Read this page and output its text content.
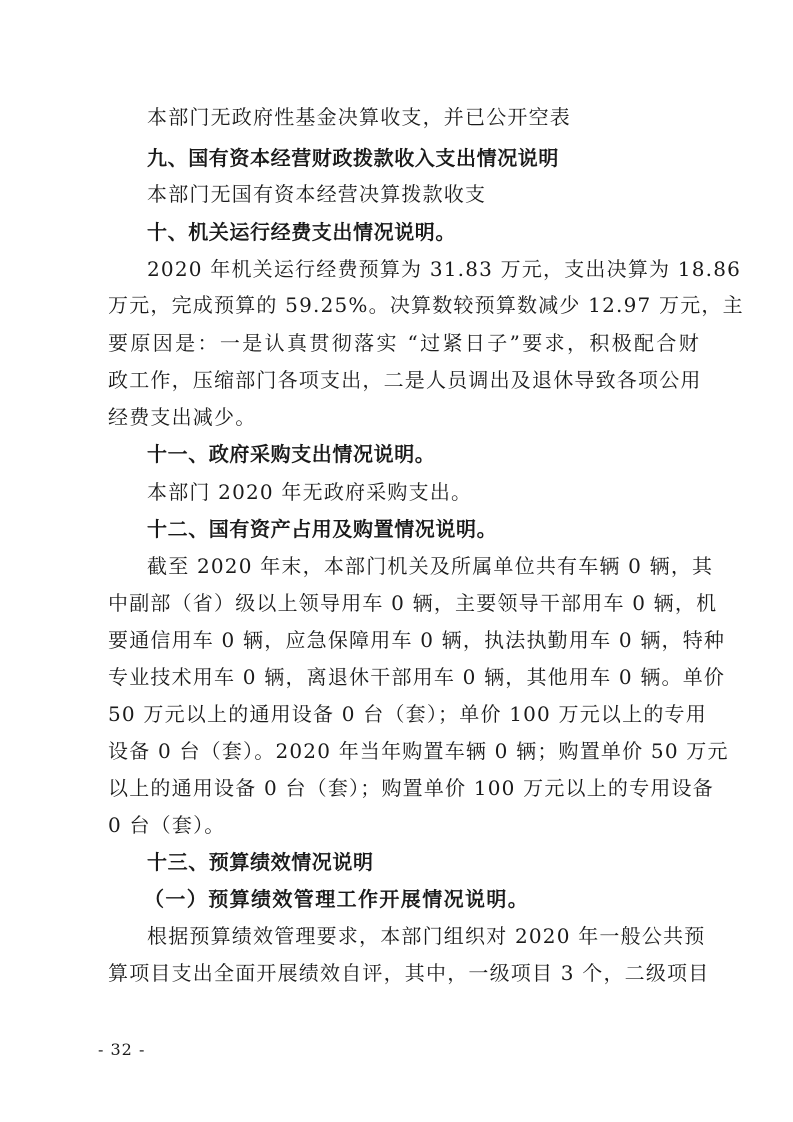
本部门无政府性基金决算收支，并已公开空表
九、国有资本经营财政拨款收入支出情况说明
本部门无国有资本经营决算拨款收支
十、机关运行经费支出情况说明。
2020 年机关运行经费预算为 31.83 万元，支出决算为 18.86
万元，完成预算的 59.25%。决算数较预算数减少 12.97 万元，主
要原因是：一是认真贯彻落实 “过紧日子”要求，积极配合财
政工作，压缩部门各项支出，二是人员调出及退休导致各项公用
经费支出减少。
十一、政府采购支出情况说明。
本部门 2020 年无政府采购支出。
十二、国有资产占用及购置情况说明。
截至 2020 年末，本部门机关及所属单位共有车辆 0 辆，其
中副部（省）级以上领导用车 0 辆，主要领导干部用车 0 辆，机
要通信用车 0 辆，应急保障用车 0 辆，执法执勤用车 0 辆，特种
专业技术用车 0 辆，离退休干部用车 0 辆，其他用车 0 辆。单价
50 万元以上的通用设备 0 台（套）；单价 100 万元以上的专用
设备 0 台（套）。2020 年当年购置车辆 0 辆；购置单价 50 万元
以上的通用设备 0 台（套）；购置单价 100 万元以上的专用设备
0 台（套）。
十三、预算绩效情况说明
（一）预算绩效管理工作开展情况说明。
根据预算绩效管理要求，本部门组织对 2020 年一般公共预
算项目支出全面开展绩效自评，其中，一级项目 3 个，二级项目
- 32 -
